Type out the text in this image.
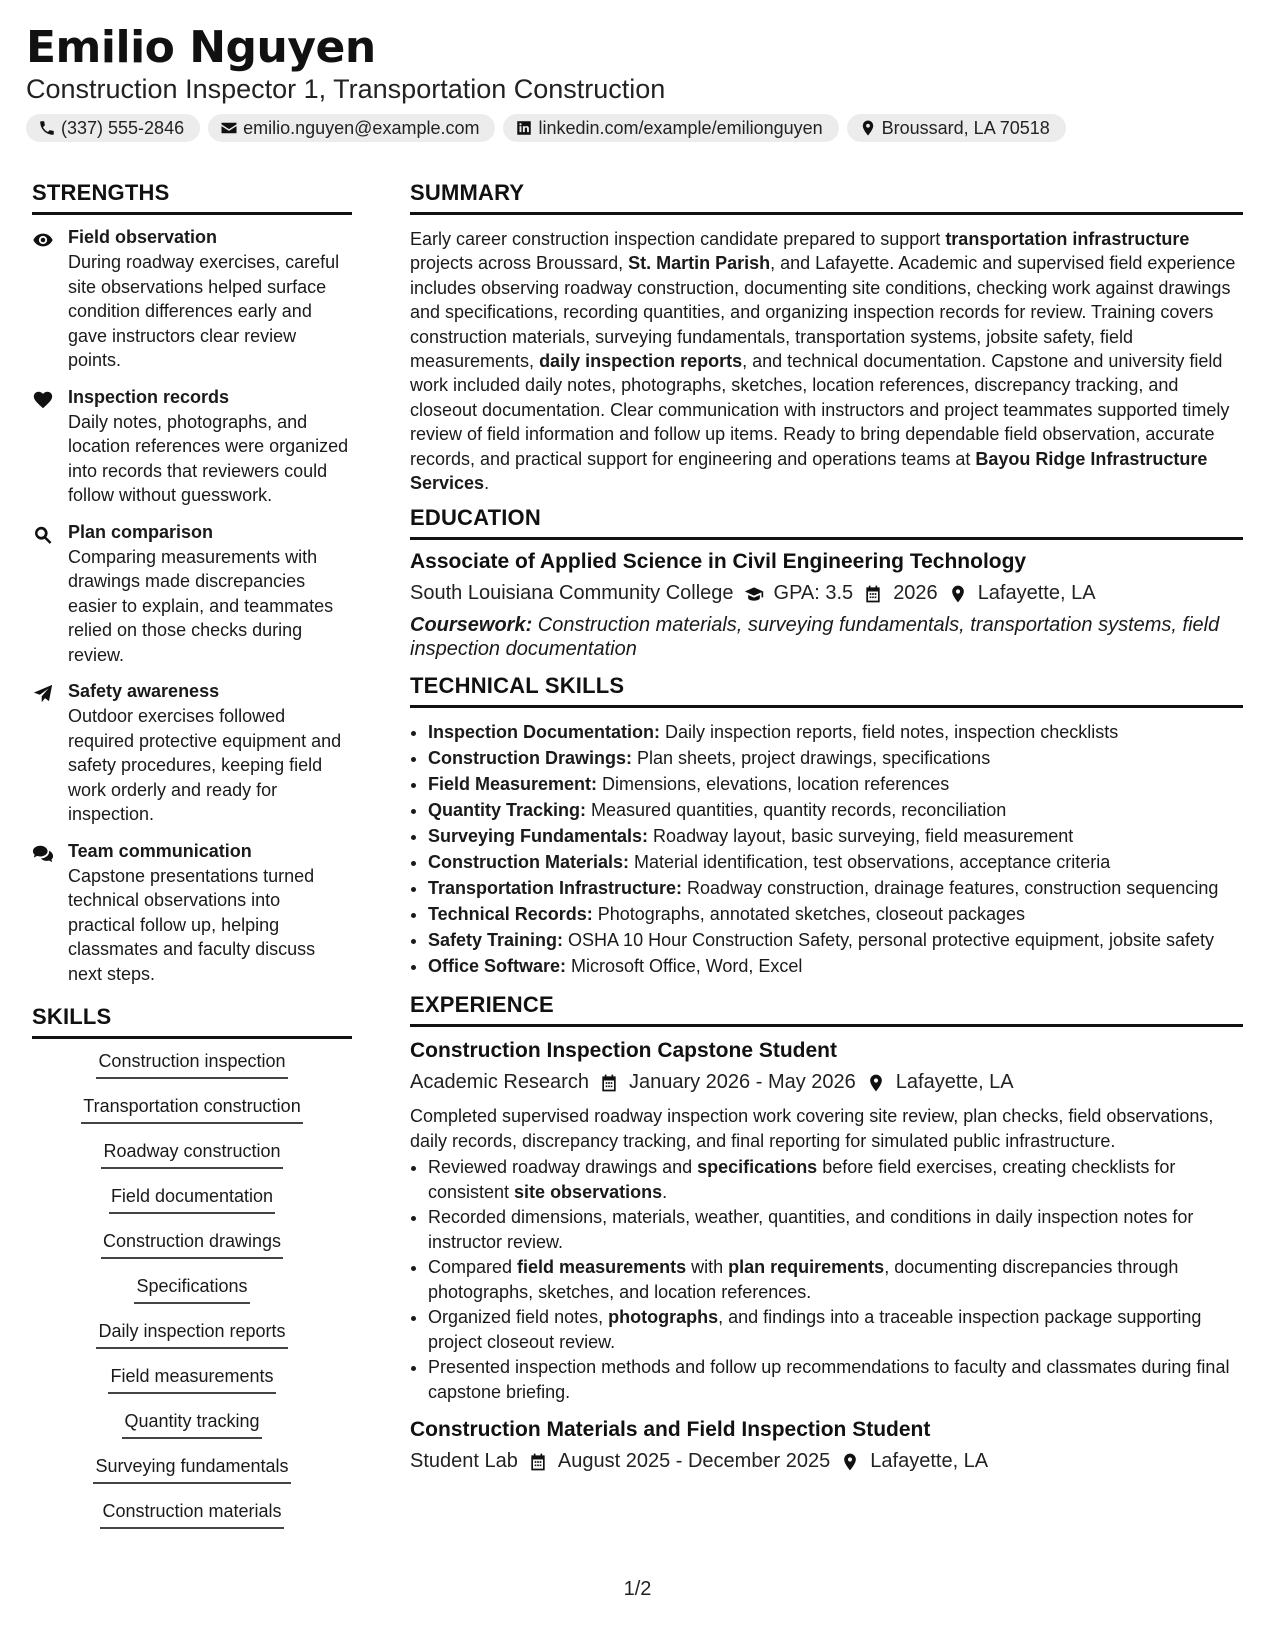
Emilio Nguyen
Construction Inspector 1, Transportation Construction
(337) 555-2846	emilio.nguyen@example.com	linkedin.com/example/emilionguyen	Broussard, LA 70518
STRENGTHS
Field observation
During roadway exercises, careful site observations helped surface condition differences early and gave instructors clear review points.
Inspection records
Daily notes, photographs, and location references were organized into records that reviewers could follow without guesswork.
Plan comparison
Comparing measurements with drawings made discrepancies easier to explain, and teammates relied on those checks during review.
Safety awareness
Outdoor exercises followed required protective equipment and safety procedures, keeping field work orderly and ready for inspection.
Team communication
Capstone presentations turned technical observations into practical follow up, helping classmates and faculty discuss next steps.
SKILLS
Construction inspection
Transportation construction
Roadway construction
Field documentation
Construction drawings
Specifications
Daily inspection reports
Field measurements
Quantity tracking
Surveying fundamentals
Construction materials
SUMMARY
Early career construction inspection candidate prepared to support transportation infrastructure projects across Broussard, St. Martin Parish, and Lafayette. Academic and supervised field experience includes observing roadway construction, documenting site conditions, checking work against drawings and specifications, recording quantities, and organizing inspection records for review. Training covers construction materials, surveying fundamentals, transportation systems, jobsite safety, field measurements, daily inspection reports, and technical documentation. Capstone and university field work included daily notes, photographs, sketches, location references, discrepancy tracking, and closeout documentation. Clear communication with instructors and project teammates supported timely review of field information and follow up items. Ready to bring dependable field observation, accurate records, and practical support for engineering and operations teams at Bayou Ridge Infrastructure Services.
EDUCATION
Associate of Applied Science in Civil Engineering Technology
South Louisiana Community College GPA: 3.5 2026 Lafayette, LA
Coursework: Construction materials, surveying fundamentals, transportation systems, field inspection documentation
TECHNICAL SKILLS
• Inspection Documentation: Daily inspection reports, field notes, inspection checklists
• Construction Drawings: Plan sheets, project drawings, specifications
• Field Measurement: Dimensions, elevations, location references
• Quantity Tracking: Measured quantities, quantity records, reconciliation
• Surveying Fundamentals: Roadway layout, basic surveying, field measurement
• Construction Materials: Material identification, test observations, acceptance criteria
• Transportation Infrastructure: Roadway construction, drainage features, construction sequencing
• Technical Records: Photographs, annotated sketches, closeout packages
• Safety Training: OSHA 10 Hour Construction Safety, personal protective equipment, jobsite safety
• Office Software: Microsoft Office, Word, Excel
EXPERIENCE
Construction Inspection Capstone Student
Academic Research January 2026 - May 2026 Lafayette, LA
Completed supervised roadway inspection work covering site review, plan checks, field observations, daily records, discrepancy tracking, and final reporting for simulated public infrastructure.
• Reviewed roadway drawings and specifications before field exercises, creating checklists for consistent site observations.
• Recorded dimensions, materials, weather, quantities, and conditions in daily inspection notes for instructor review.
• Compared field measurements with plan requirements, documenting discrepancies through photographs, sketches, and location references.
• Organized field notes, photographs, and findings into a traceable inspection package supporting project closeout review.
• Presented inspection methods and follow up recommendations to faculty and classmates during final capstone briefing.
Construction Materials and Field Inspection Student
Student Lab August 2025 - December 2025 Lafayette, LA
1/2
